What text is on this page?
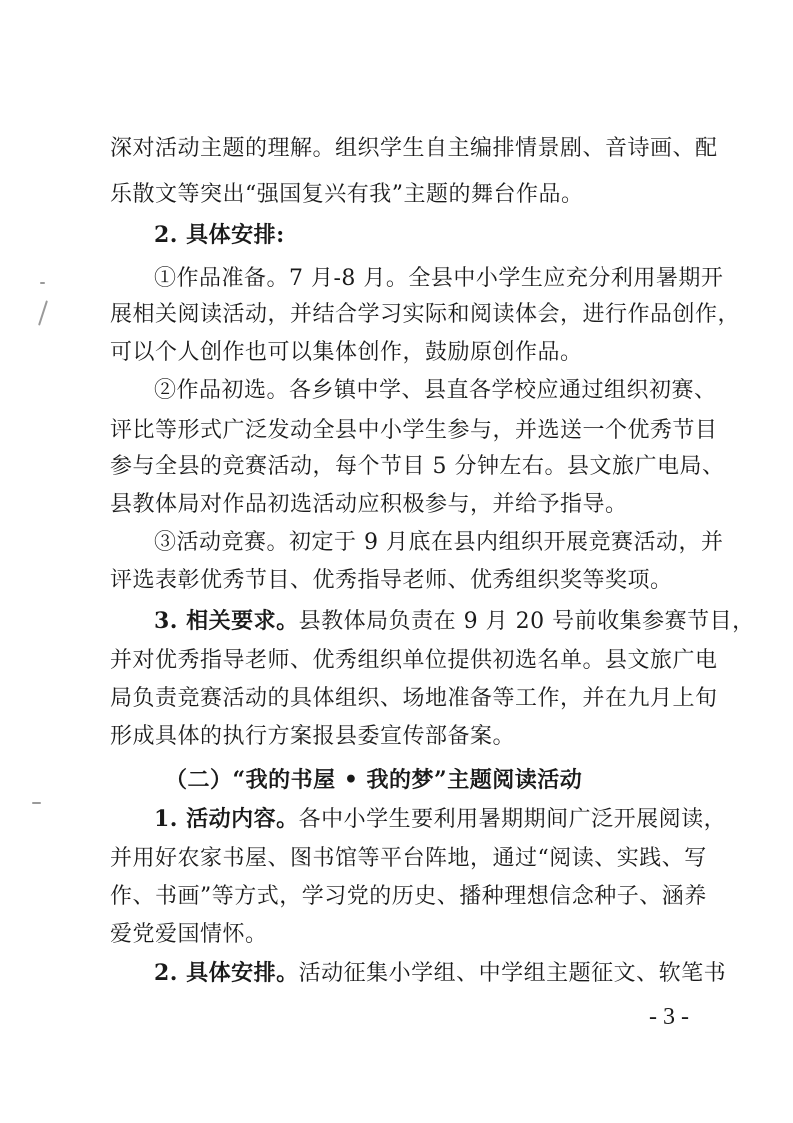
深对活动主题的理解。组织学生自主编排情景剧、音诗画、配
乐散文等突出“强国复兴有我”主题的舞台作品。
2. 具体安排:
①作品准备。7 月-8 月。全县中小学生应充分利用暑期开
展相关阅读活动，并结合学习实际和阅读体会，进行作品创作，
可以个人创作也可以集体创作，鼓励原创作品。
②作品初选。各乡镇中学、县直各学校应通过组织初赛、
评比等形式广泛发动全县中小学生参与，并选送一个优秀节目
参与全县的竞赛活动，每个节目 5 分钟左右。县文旅广电局、
县教体局对作品初选活动应积极参与，并给予指导。
③活动竞赛。初定于 9 月底在县内组织开展竞赛活动，并
评选表彰优秀节目、优秀指导老师、优秀组织奖等奖项。
3. 相关要求。县教体局负责在 9 月 20 号前收集参赛节目，
并对优秀指导老师、优秀组织单位提供初选名单。县文旅广电
局负责竞赛活动的具体组织、场地准备等工作，并在九月上旬
形成具体的执行方案报县委宣传部备案。
（二）“我的书屋 • 我的梦”主题阅读活动
1. 活动内容。各中小学生要利用暑期期间广泛开展阅读，
并用好农家书屋、图书馆等平台阵地，通过“阅读、实践、写
作、书画”等方式，学习党的历史、播种理想信念种子、涵养
爱党爱国情怀。
2. 具体安排。活动征集小学组、中学组主题征文、软笔书
- 3 -
